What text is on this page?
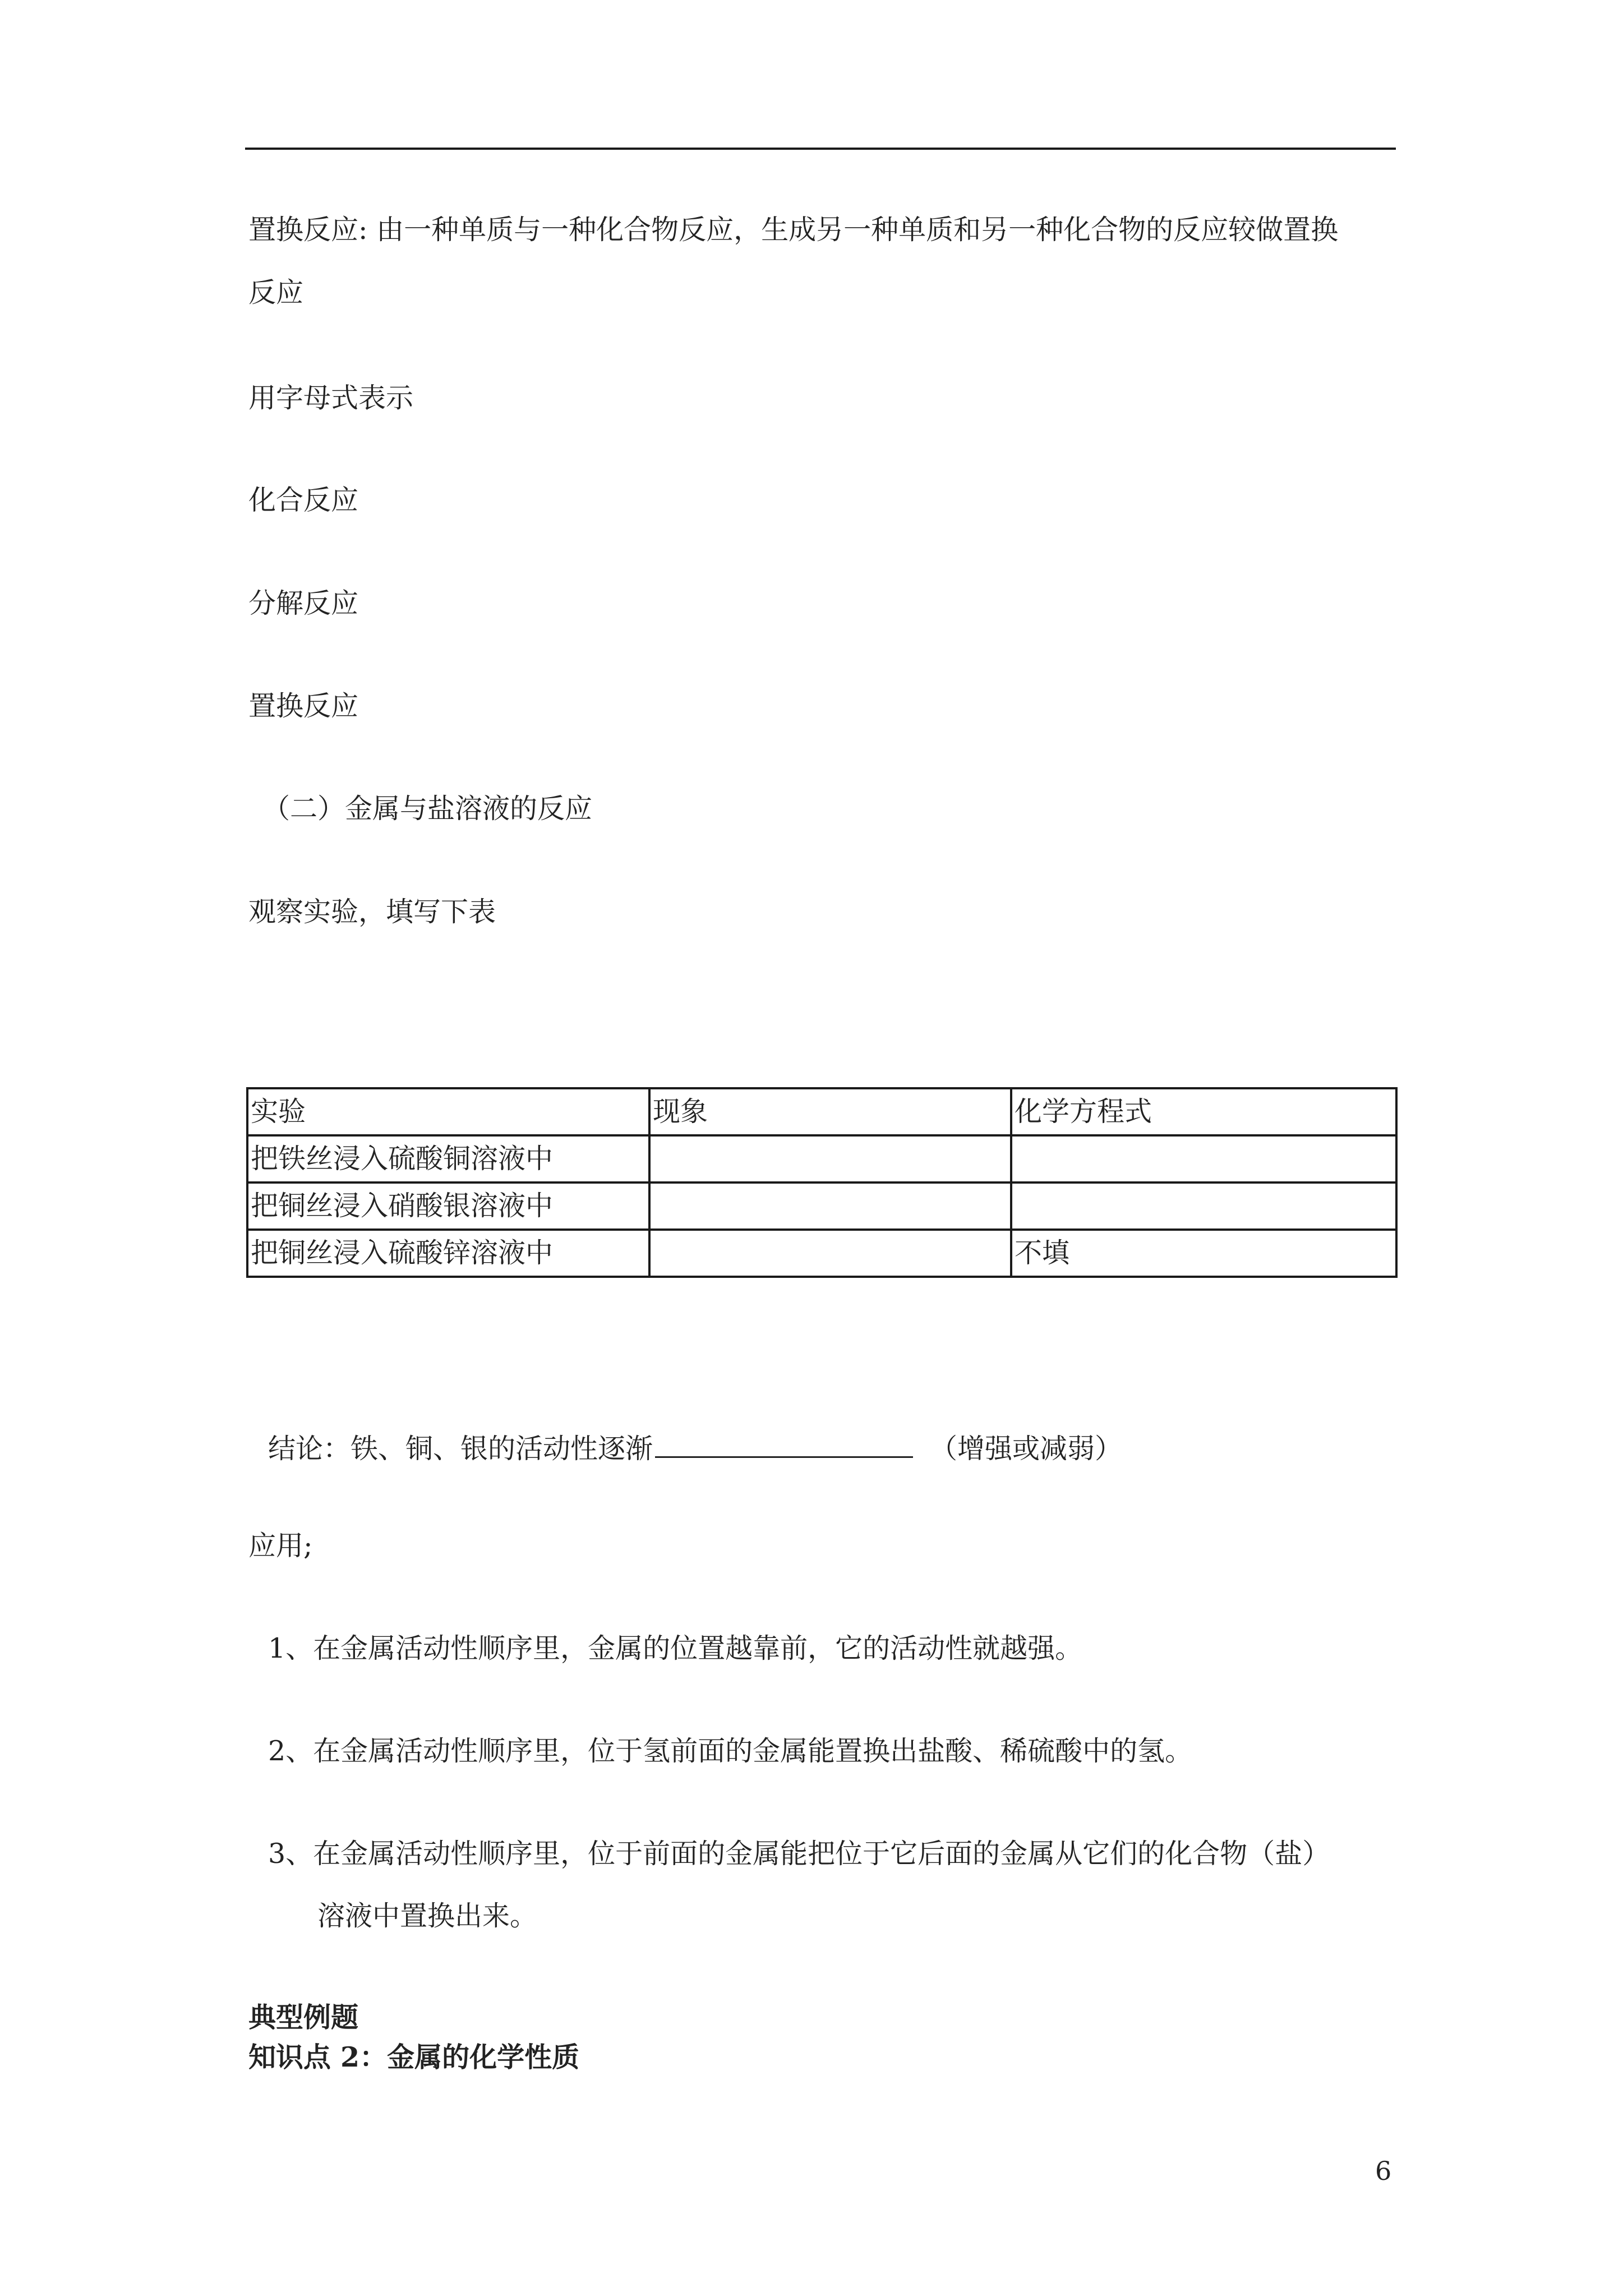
置换反应: 由一种单质与一种化合物反应，生成另一种单质和另一种化合物的反应较做置换
反应
用字母式表示
化合反应
分解反应
置换反应
（二）金属与盐溶液的反应
观察实验，填写下表
实验	现象	化学方程式
把铁丝浸入硫酸铜溶液中		
把铜丝浸入硝酸银溶液中		
把铜丝浸入硫酸锌溶液中		不填
结论：铁、铜、银的活动性逐渐	（增强或减弱）
应用;
1、在金属活动性顺序里，金属的位置越靠前，它的活动性就越强。
2、在金属活动性顺序里，位于氢前面的金属能置换出盐酸、稀硫酸中的氢。
3、在金属活动性顺序里，位于前面的金属能把位于它后面的金属从它们的化合物（盐）
溶液中置换出来。
典型例题
知识点 2：金属的化学性质
6
